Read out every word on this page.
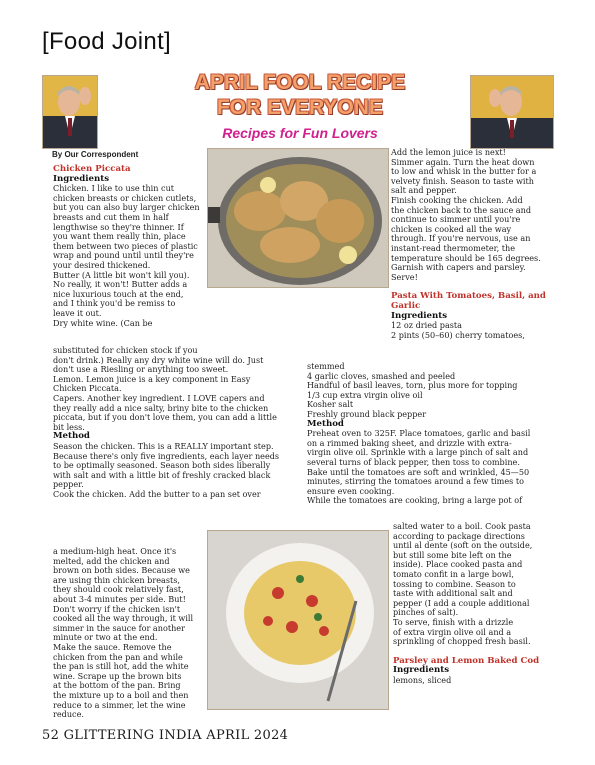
[Food Joint]
APRIL FOOL RECIPE
FOR EVERYONE
Recipes for Fun Lovers
By Our Correspondent

Chicken Piccata

Ingredients

Chicken. I like to use thin cut

chicken breasts or chicken cutlets,

but you can also buy larger chicken

breasts and cut them in half

lengthwise so they're thinner. If

you want them really thin, place

them between two pieces of plastic

wrap and pound until until they're

your desired thickened.

Butter (A little bit won't kill you).

No really, it won't! Butter adds a

nice luxurious touch at the end,

and I think you'd be remiss to

leave it out.

Dry white wine. (Can be

substituted for chicken stock if you

don't drink.) Really any dry white wine will do. Just

don't use a Riesling or anything too sweet.

Lemon. Lemon juice is a key component in Easy

Chicken Piccata.

Capers. Another key ingredient. I LOVE capers and

they really add a nice salty, briny bite to the chicken

piccata, but if you don't love them, you can add a little

bit less.

Method

Season the chicken. This is a REALLY important step.

Because there's only five ingredients, each layer needs

to be optimally seasoned. Season both sides liberally

with salt and with a little bit of freshly cracked black

pepper.

Cook the chicken. Add the butter to a pan set over

a medium-high heat. Once it's

melted, add the chicken and

brown on both sides. Because we

are using thin chicken breasts,

they should cook relatively fast,

about 3-4 minutes per side. But!

Don't worry if the chicken isn't

cooked all the way through, it will

simmer in the sauce for another

minute or two at the end.

Make the sauce. Remove the

chicken from the pan and while

the pan is still hot, add the white

wine. Scrape up the brown bits

at the bottom of the pan. Bring

the mixture up to a boil and then

reduce to a simmer, let the wine

reduce.

Add the lemon juice is next!

Simmer again. Turn the heat down

to low and whisk in the butter for a

velvety finish. Season to taste with

salt and pepper.

Finish cooking the chicken. Add

the chicken back to the sauce and

continue to simmer until you're

chicken is cooked all the way

through. If you're nervous, use an

instant-read thermometer, the

temperature should be 165 degrees.

Garnish with capers and parsley.

Serve!

Pasta With Tomatoes, Basil, and

Garlic

Ingredients

12 oz dried pasta

2 pints (50–60) cherry tomatoes,

stemmed

4 garlic cloves, smashed and peeled

Handful of basil leaves, torn, plus more for topping

1/3 cup extra virgin olive oil

Kosher salt

Freshly ground black pepper

Method

Preheat oven to 325F. Place tomatoes, garlic and basil

on a rimmed baking sheet, and drizzle with extra-

virgin olive oil. Sprinkle with a large pinch of salt and

several turns of black pepper, then toss to combine.

Bake until the tomatoes are soft and wrinkled, 45—50

minutes, stirring the tomatoes around a few times to

ensure even cooking.

While the tomatoes are cooking, bring a large pot of

salted water to a boil. Cook pasta

according to package directions

until al dente (soft on the outside,

but still some bite left on the

inside). Place cooked pasta and

tomato confit in a large bowl,

tossing to combine. Season to

taste with additional salt and

pepper (I add a couple additional

pinches of salt).

To serve, finish with a drizzle

of extra virgin olive oil and a

sprinkling of chopped fresh basil.

Parsley and Lemon Baked Cod

Ingredients

lemons, sliced

52 GLITTERING INDIA APRIL 2024
